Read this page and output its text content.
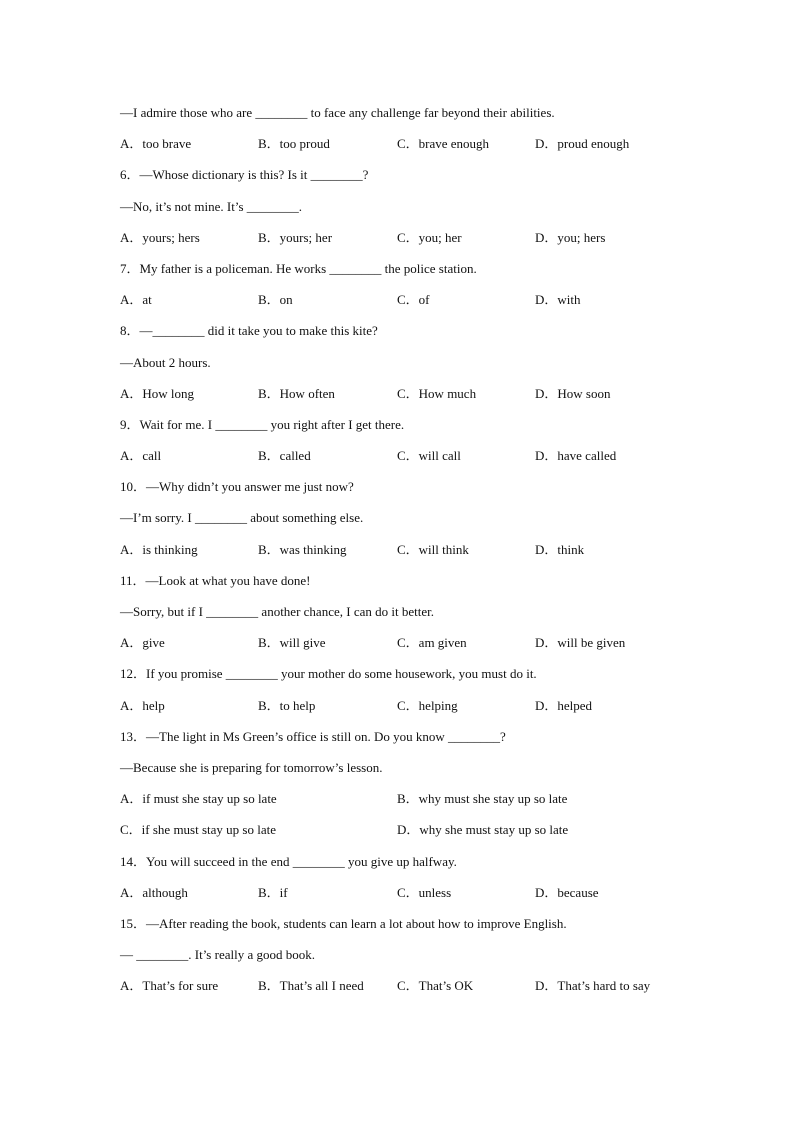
—I admire those who are ________ to face any challenge far beyond their abilities.
A．too brave	B．too proud	C．brave enough	D．proud enough
6．—Whose dictionary is this? Is it ________?
—No, it’s not mine. It’s ________.
A．yours; hers	B．yours; her	C．you; her	D．you; hers
7．My father is a policeman. He works ________ the police station.
A．at	B．on	C．of	D．with
8．—________ did it take you to make this kite?
—About 2 hours.
A．How long	B．How often	C．How much	D．How soon
9．Wait for me. I ________ you right after I get there.
A．call	B．called	C．will call	D．have called
10．—Why didn’t you answer me just now?
—I’m sorry. I ________ about something else.
A．is thinking	B．was thinking	C．will think	D．think
11．—Look at what you have done!
—Sorry, but if I ________ another chance, I can do it better.
A．give	B．will give	C．am given	D．will be given
12．If you promise ________ your mother do some housework, you must do it.
A．help	B．to help	C．helping	D．helped
13．—The light in Ms Green’s office is still on. Do you know ________?
—Because she is preparing for tomorrow’s lesson.
A．if must she stay up so late	B．why must she stay up so late
C．if she must stay up so late	D．why she must stay up so late
14．You will succeed in the end ________ you give up halfway.
A．although	B．if	C．unless	D．because
15．—After reading the book, students can learn a lot about how to improve English.
— ________. It’s really a good book.
A．That’s for sure	B．That’s all I need	C．That’s OK	D．That’s hard to say
